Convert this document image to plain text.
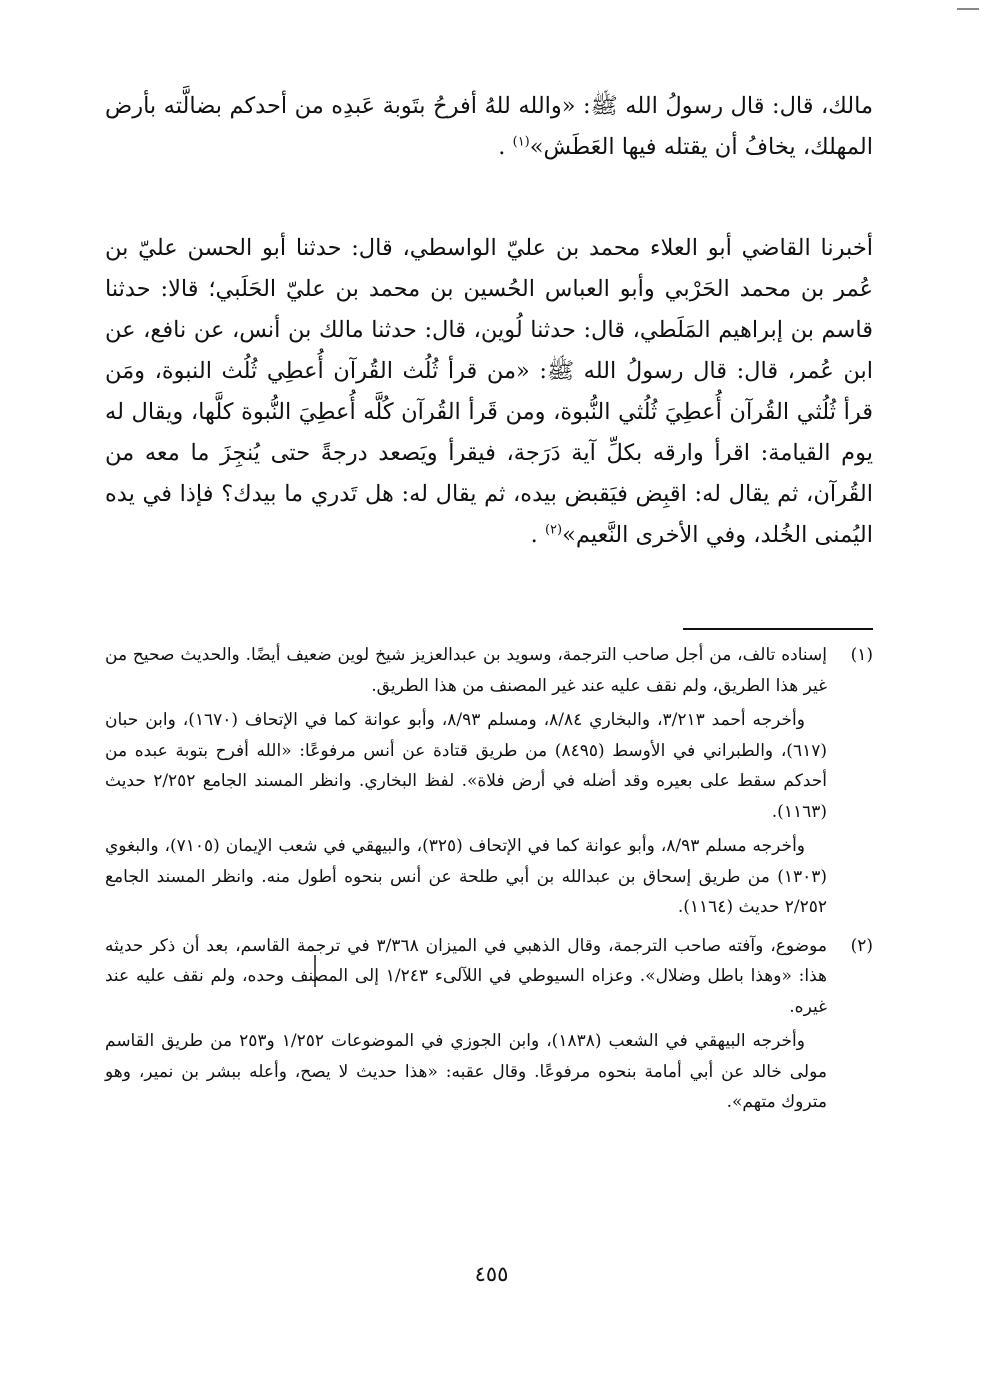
مالك، قال: قال رسولُ الله ﷺ: «والله للهُ أفرحُ بتَوبة عَبدِه من أحدكم بضالَّته بأرض المهلك، يخافُ أن يقتله فيها العَطَش»$^{(١)}$ .

أخبرنا القاضي أبو العلاء محمد بن عليّ الواسطي، قال: حدثنا أبو الحسن عليّ بن عُمر بن محمد الحَرْبي وأبو العباس الحُسين بن محمد بن عليّ الحَلَبي؛ قالا: حدثنا قاسم بن إبراهيم المَلَطي، قال: حدثنا لُوين، قال: حدثنا مالك بن أنس، عن نافع، عن ابن عُمر، قال: قال رسولُ الله ﷺ: «من قرأ ثُلُث القُرآن أُعطِي ثُلُث النبوة، ومَن قرأ ثُلُثي القُرآن أُعطِيَ ثُلُثي النُّبوة، ومن قَرأ القُرآن كُلَّه أُعطِيَ النُّبوة كلَّها، ويقال له يوم القيامة: اقرأ وارقه بكلِّ آية دَرَجة، فيقرأ ويَصعد درجةً حتى يُنجِزَ ما معه من القُرآن، ثم يقال له: اقبِض فيَقبض بيده، ثم يقال له: هل تَدري ما بيدك؟ فإذا في يده اليُمنى الخُلد، وفي الأخرى النَّعيم»$^{(٢)}$ .

(١)

إسناده تالف، من أجل صاحب الترجمة، وسويد بن عبدالعزيز شيخ لوين ضعيف أيضًا. والحديث صحيح من غير هذا الطريق، ولم نقف عليه عند غير المصنف من هذا الطريق.

وأخرجه أحمد ٣/٢١٣، والبخاري ٨/٨٤، ومسلم ٨/٩٣، وأبو عوانة كما في الإتحاف (١٦٧٠)، وابن حبان (٦١٧)، والطبراني في الأوسط (٨٤٩٥) من طريق قتادة عن أنس مرفوعًا: «الله أفرح بتوبة عبده من أحدكم سقط على بعيره وقد أضله في أرض فلاة». لفظ البخاري. وانظر المسند الجامع ٢/٢٥٢ حديث (١١٦٣).

وأخرجه مسلم ٨/٩٣، وأبو عوانة كما في الإتحاف (٣٢٥)، والبيهقي في شعب الإيمان (٧١٠٥)، والبغوي (١٣٠٣) من طريق إسحاق بن عبدالله بن أبي طلحة عن أنس بنحوه أطول منه. وانظر المسند الجامع ٢/٢٥٢ حديث (١١٦٤).

(٢)

موضوع، وآفته صاحب الترجمة، وقال الذهبي في الميزان ٣/٣٦٨ في ترجمة القاسم، بعد أن ذكر حديثه هذا: «وهذا باطل وضلال». وعزاه السيوطي في اللآلىء ١/٢٤٣ إلى المصنف وحده، ولم نقف عليه عند غيره.

وأخرجه البيهقي في الشعب (١٨٣٨)، وابن الجوزي في الموضوعات ١/٢٥٢ و٢٥٣ من طريق القاسم مولى خالد عن أبي أمامة بنحوه مرفوعًا. وقال عقبه: «هذا حديث لا يصح، وأعله ببشر بن نمير، وهو متروك متهم».

٤٥٥
